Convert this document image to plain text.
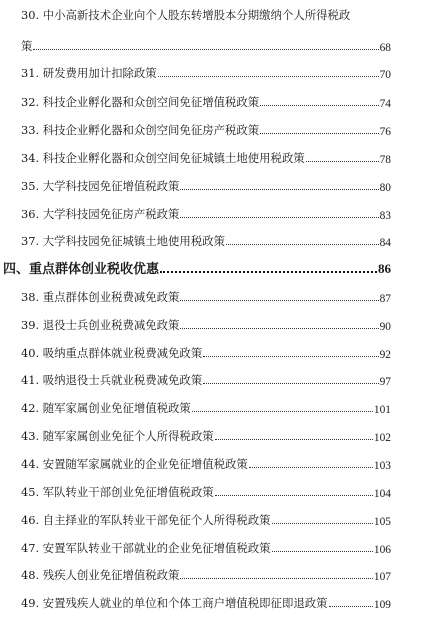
30. 中小高新技术企业向个人股东转增股本分期缴纳个人所得税政
策	68
31. 研发费用加计扣除政策	70
32. 科技企业孵化器和众创空间免征增值税政策	74
33. 科技企业孵化器和众创空间免征房产税政策	76
34. 科技企业孵化器和众创空间免征城镇土地使用税政策	78
35. 大学科技园免征增值税政策	80
36. 大学科技园免征房产税政策	83
37. 大学科技园免征城镇土地使用税政策	84
四、重点群体创业税收优惠	86
38. 重点群体创业税费减免政策	87
39. 退役士兵创业税费减免政策	90
40. 吸纳重点群体就业税费减免政策	92
41. 吸纳退役士兵就业税费减免政策	97
42. 随军家属创业免征增值税政策	101
43. 随军家属创业免征个人所得税政策	102
44. 安置随军家属就业的企业免征增值税政策	103
45. 军队转业干部创业免征增值税政策	104
46. 自主择业的军队转业干部免征个人所得税政策	105
47. 安置军队转业干部就业的企业免征增值税政策	106
48. 残疾人创业免征增值税政策	107
49. 安置残疾人就业的单位和个体工商户增值税即征即退政策	109
